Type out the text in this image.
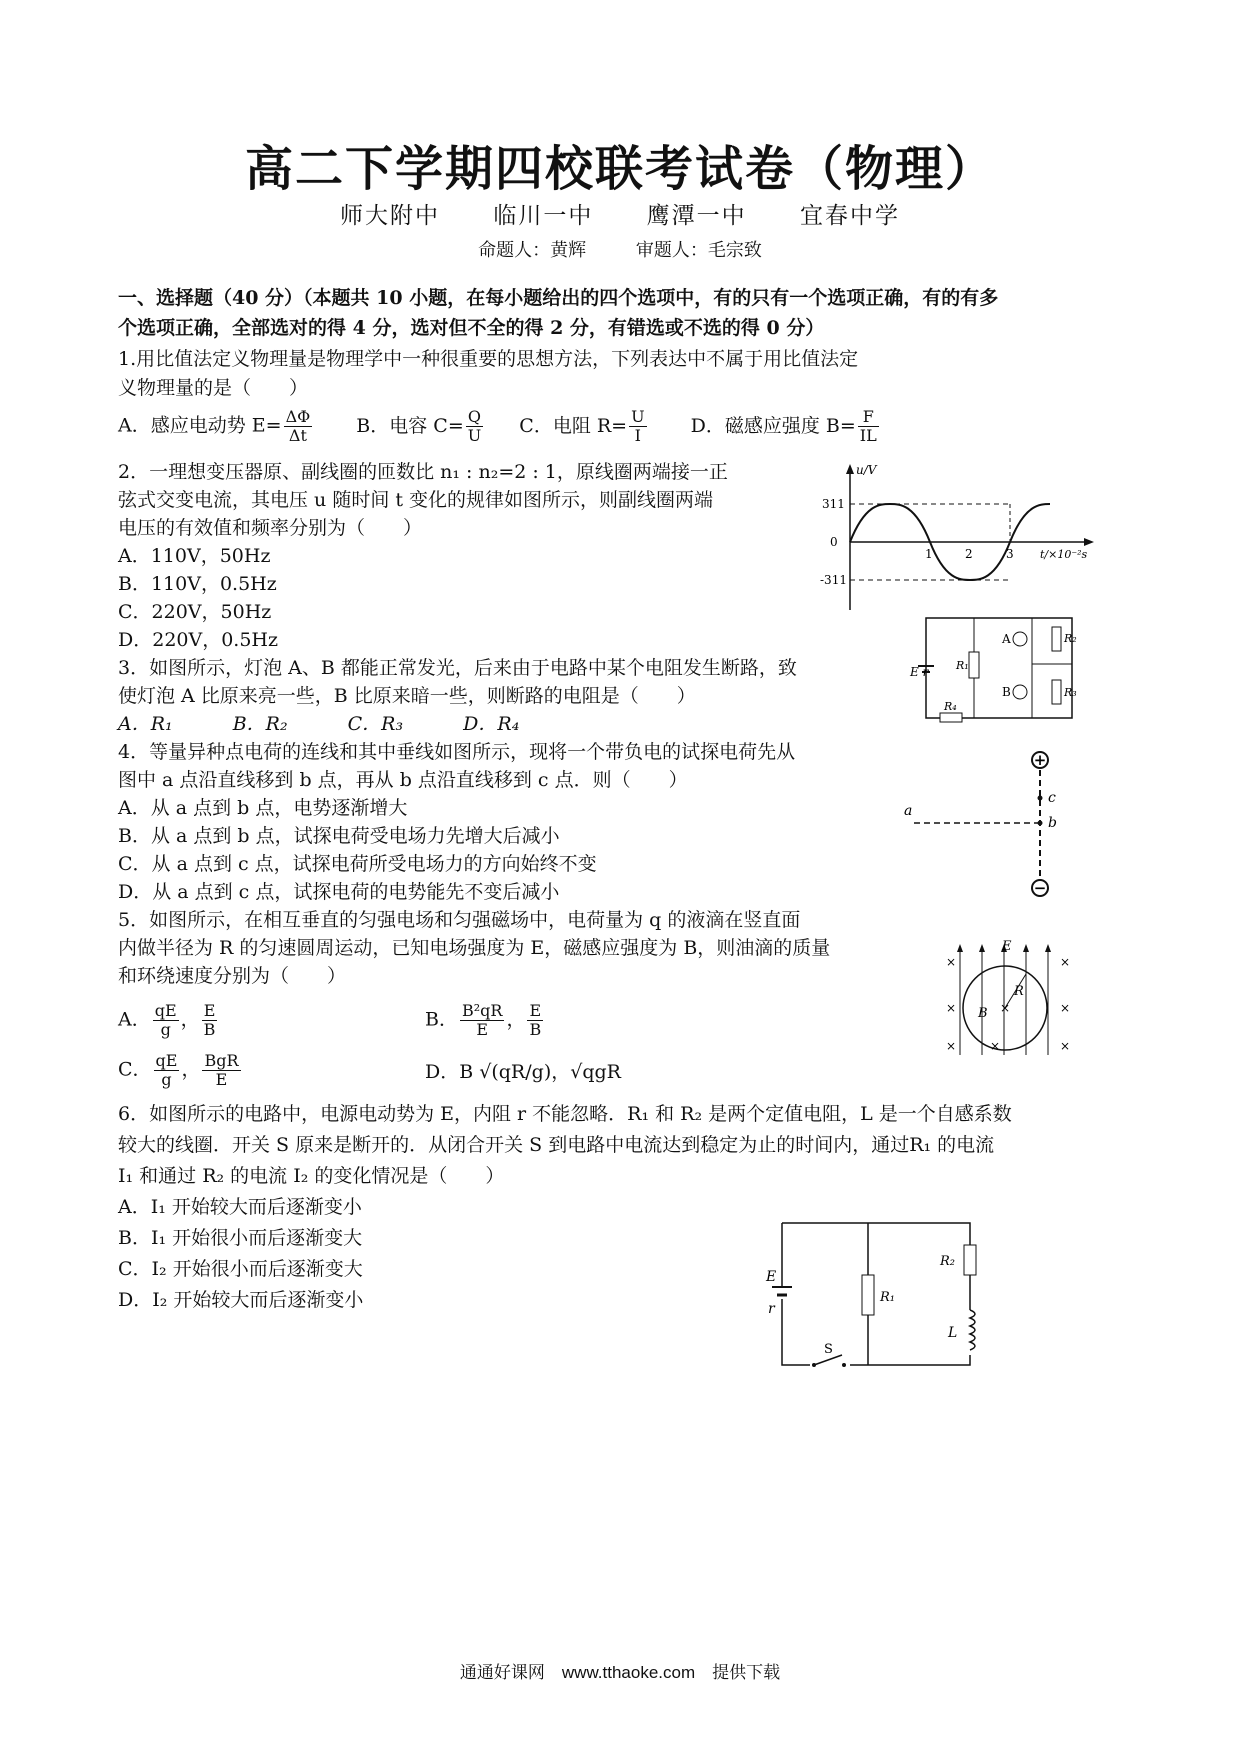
高二下学期四校联考试卷（物理）
师大附中 临川一中 鹰潭一中 宜春中学
命题人：黄辉	审题人：毛宗致
一、选择题（40 分）（本题共 10 小题，在每小题给出的四个选项中，有的只有一个选项正确，有的有多
个选项正确，全部选对的得 4 分，选对但不全的得 2 分，有错选或不选的得 0 分）
1.用比值法定义物理量是物理学中一种很重要的思想方法，下列表达中不属于用比值法定
义物理量的是（　　）
A．感应电动势 $E= \frac{\Delta\Phi}{\Delta t}$ B．电容 $C= \frac{Q}{U}$ C．电阻 $R= \frac{U}{I}$ D．磁感应强度 $B= \frac{F}{IL}$
2．一理想变压器原、副线圈的匝数比 n₁ : n₂=2 : 1，原线圈两端接一正
弦式交变电流，其电压 u 随时间 t 变化的规律如图所示，则副线圈两端
电压的有效值和频率分别为（　　）
A．110V，50Hz
B．110V，0.5Hz
C．220V，50Hz
D．220V，0.5Hz
u/V
311
0
-311
1	2	3 t/×10⁻²s
3．如图所示，灯泡 A、B 都能正常发光，后来由于电路中某个电阻发生断路，致
使灯泡 A 比原来亮一些，B 比原来暗一些，则断路的电阻是（　　）
A．R₁	B．R₂	C．R₃	D．R₄
E r	R₁
R₂
R₃
R₄
A
B
4．等量异种点电荷的连线和其中垂线如图所示，现将一个带负电的试探电荷先从
图中 a 点沿直线移到 b 点，再从 b 点沿直线移到 c 点．则（　　）
A．从 a 点到 b 点，电势逐渐增大
B．从 a 点到 b 点，试探电荷受电场力先增大后减小
C．从 a 点到 c 点，试探电荷所受电场力的方向始终不变
D．从 a 点到 c 点，试探电荷的电势能先不变后减小
+
−
a
b
c
5．如图所示，在相互垂直的匀强电场和匀强磁场中，电荷量为 q 的液滴在竖直面
内做半径为 R 的匀速圆周运动，已知电场强度为 E，磁感应强度为 B，则油滴的质量
和环绕速度分别为（　　）
A． $\frac{qE}{g}$ ， $\frac{E}{B}$	B． $\frac{\text{B²qR}}{E}$ ， $\frac{E}{B}$
C． $\frac{qE}{g}$ ， $\frac{\text{BgR}}{E}$	D．B √(qR/g)，√qgR
E
R
B
×
×
×
×
×
×
×
×
6．如图所示的电路中，电源电动势为 E，内阻 r 不能忽略．R₁ 和 R₂ 是两个定值电阻，L 是一个自感系数
较大的线圈．开关 S 原来是断开的．从闭合开关 S 到电路中电流达到稳定为止的时间内，通过R₁ 的电流
I₁ 和通过 R₂ 的电流 I₂ 的变化情况是（　　）
A．I₁ 开始较大而后逐渐变小
B．I₁ 开始很小而后逐渐变大
C．I₂ 开始很小而后逐渐变大
D．I₂ 开始较大而后逐渐变小
E
r
R₁
R₂
L
S
通通好课网　www.tthaoke.com　提供下载
